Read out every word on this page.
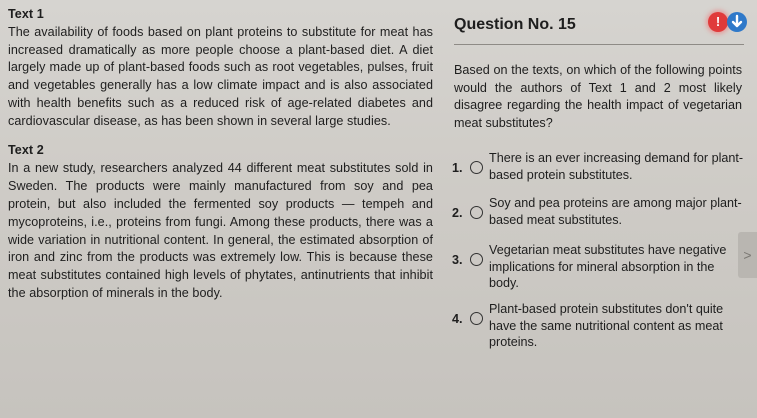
Text 1

The availability of foods based on plant proteins to substitute for meat has increased dramatically as more people choose a plant-based diet. A diet largely made up of plant-based foods such as root vegetables, pulses, fruit and vegetables generally has a low climate impact and is also associated with health benefits such as a reduced risk of age-related diabetes and cardiovascular disease, as has been shown in several large studies.

Text 2

In a new study, researchers analyzed 44 different meat substitutes sold in Sweden. The products were mainly manufactured from soy and pea protein, but also included the fermented soy products — tempeh and mycoproteins, i.e., proteins from fungi. Among these products, there was a wide variation in nutritional content. In general, the estimated absorption of iron and zinc from the products was extremely low. This is because these meat substitutes contained high levels of phytates, antinutrients that inhibit the absorption of minerals in the body.

Question No. 15	!

Based on the texts, on which of the following points would the authors of Text 1 and 2 most likely disagree regarding the health impact of vegetarian meat substitutes?

1.
There is an ever increasing demand for plant-based protein substitutes.
2.
Soy and pea proteins are among major plant-based meat substitutes.
3.
Vegetarian meat substitutes have negative implications for mineral absorption in the body.
4.
Plant-based protein substitutes don't quite have the same nutritional content as meat proteins.
>
